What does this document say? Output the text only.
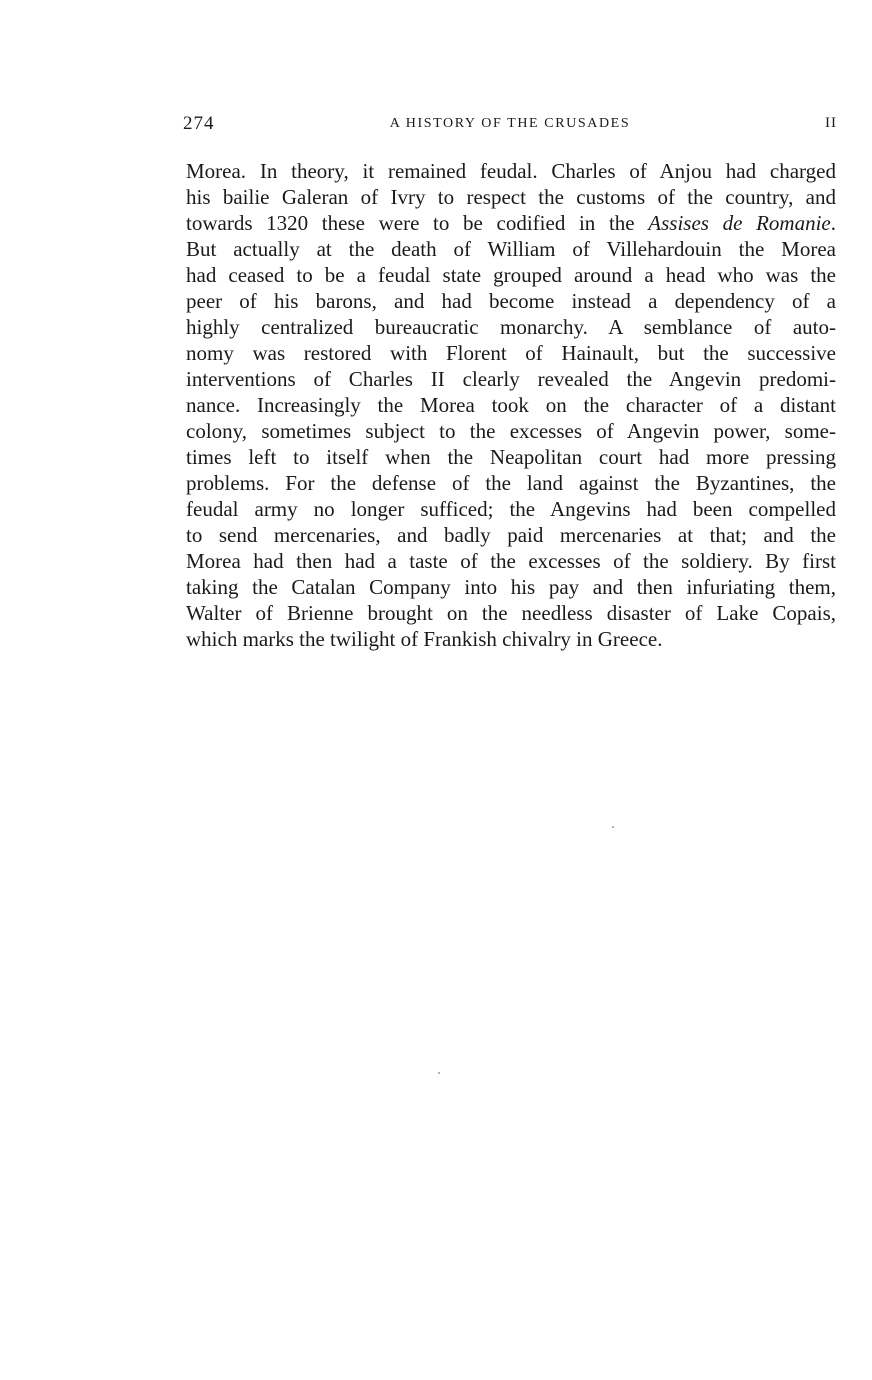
274	A HISTORY OF THE CRUSADES	II
Morea. In theory, it remained feudal. Charles of Anjou had charged
his bailie Galeran of Ivry to respect the customs of the country, and
towards 1320 these were to be codified in the Assises de Romanie.
But actually at the death of William of Villehardouin the Morea
had ceased to be a feudal state grouped around a head who was the
peer of his barons, and had become instead a dependency of a
highly centralized bureaucratic monarchy. A semblance of auto-
nomy was restored with Florent of Hainault, but the successive
interventions of Charles II clearly revealed the Angevin predomi-
nance. Increasingly the Morea took on the character of a distant
colony, sometimes subject to the excesses of Angevin power, some-
times left to itself when the Neapolitan court had more pressing
problems. For the defense of the land against the Byzantines, the
feudal army no longer sufficed; the Angevins had been compelled
to send mercenaries, and badly paid mercenaries at that; and the
Morea had then had a taste of the excesses of the soldiery. By first
taking the Catalan Company into his pay and then infuriating them,
Walter of Brienne brought on the needless disaster of Lake Copais,
which marks the twilight of Frankish chivalry in Greece.
